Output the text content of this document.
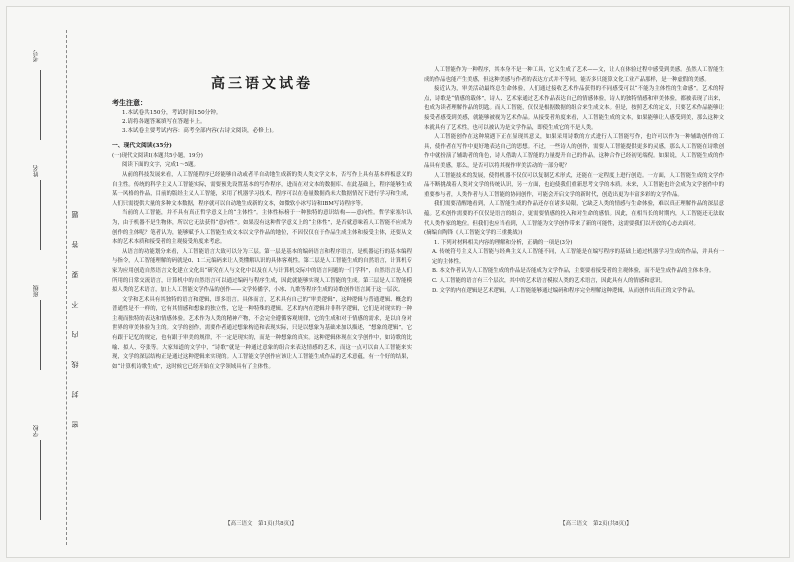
考号
姓名
班级
学校
题
答
要
不
内
线
封
密
高三语文试卷
考生注意：
1.本试卷共150分，考试时间150分钟。
2.请将各题答案填写在答题卡上。
3.本试卷主要考试内容：高考全部内容(古诗文阅读，必修上)。

一、现代文阅读(35分)

(一)现代文阅读Ⅰ(本题共5小题，19分)

阅读下面的文字，完成1～5题。

从前的科技发展来看，人工智能程序已经能够自动或者半自动地生成新的类人类文学文本，否写作上具有基本样板意义的自主性。传统的科学主义人工智能实际，需要预先设置基本的写作程序，进而在对文本的数据库、在此基础上，程序能够生成某一风格的作品，目前的版经主义人工智能，采用了机器学习技术，程序可以在卷量数据尚未大数据情况下进行学习和生成，人们只需提供大量的多种文本数据，程序就可以自动地生成新的文本，如微软小冰写诗和IBM写诗程序等。

当前的人工智能，并不具有真正哲学意义上的“主体性”。主体性标榜于一种独特的意识结构——意向性。哲学家塞尔认为，由于机器不是生物体，所以它无法获得“意向性”。如果沒有这种哲学意义上的“主体性”，是否就意味着人工智能不应成为创作的主体呢？笔者认为，能够赋予人工智能生成文本以文学作品的地位，不因仅仅在于作品生成主体和接受主体，还要从文本的艺术本质和接受者的主观接受角度来考虑。

从语言的功能划分来看，人工智能语言大致可以分为三层。第一层是基本的编码语言和程序语言，是机器运行的基本编程与指令，人工智能理解的码就是0、1二元编码来让人类懂解认识的具体客观性。第二层是人工智能生成的自然语言，计算机专家为应用创造自然语言文化建立文化出“研究在人与文化中以及在人与计算机交际中的语言问题的一门学科”，自然语言是人们所用的日常交流语言，计算机中的自然语言可以通过编码与程序生成，因此就能够实现人工智能的生成。第三层是人工智能模拟人类的艺术语言，加上人工智能文学作品的创作——文学传播学，小冰、九歌等程序生成的诗歌创作语言属于这一层次。

文学和艺术具有其独特的语言和逻辑，即多语言。具体而言，艺术具有自己的“审美逻辑”，这种逻辑与普通逻辑、概念的普通性是不一样的，它有其情感和想象的独立性，它是一种特殊的逻辑。艺术的内在逻辑并非科学逻辑，它们是对现实的一种主观而独特的表达和情感体验。艺术作为人类的精神产物，不会完全遵循客观规律，它的生成和对于情感的需求，是以自身对世界的审美体验为主的。文学的创作，需要作者通过想象构造和表现实际，只是以想象为基础来加以描述，“想象的逻辑”，它有跟于记忆的规定，也有跟于审美的规律，不一定是现实的，而是一种想象的真实。这种逻辑体现在文学创作中，如诗歌的比喻、拟人、夸张等。大家知道的文学中，“诗歌”就是一种通过意象的组合来表达情感的艺术，而这一点可以由人工智能来实现，文学的深层结构正是通过这种逻辑来实现的。人工智能文学创作应该让人工智能生成作品的艺术意蕴，有一个好的结果，如“计算机诗歌生成”，这时候它已经开始在文学领域具有了主体性。

人工智能作为一种程序，其本身不是一种工具，它又生成了艺术——文，让人在体验过程中感受到美感。虽然人工智能生成的作品也能产生美感，但这种美感与作者的表达方式并不等同，能否多只能算文化工业产品那样，是一种虚假的美感。

接近认为，审美活动最终总生命体验，人们通过接收艺术作品获得的不同感受可以“不能为主体性的生命感”。艺术的特点，诗歌是“情感的载体”，诗人、艺术家通过艺术作品表达自己的情感体验，诗人的独特情感和审美体验，都被表现了出来，也成为读者理解作品的钥匙。而人工智能，仅仅是根据数据的组合来生成文本。但是，按照艺术的定义，只要艺术作品能够让接受者感受到美感，就能够被视为艺术作品。从接受者角度来看，人工智能生成的文本，如果能够让人感受到美，那么这种文本就具有了艺术性，也可以被认为是文学作品，即使生成它的不是人类。

人工智能创作在这种境遇下正在显现其意义，如果采用诗歌的方式进行人工智能写作，也许可以作为一种辅助创作的工具，使作者在写作中更好地表达自己的思想。不过，一些诗人的创作，需要人工智能提供更多的灵感，那么人工智能在诗歌创作中就扮演了辅助者的角色，诗人借助人工智能的力量提升自己的作品，这种合作已经初见端倪。如果说，人工智能生成的作品具有美感，那么，是否可以将其视作审美活动的一部分呢？

人工智能技术的发展，使得机器不仅仅可以复制艺术形式，还能在一定程度上进行创造。一方面，人工智能生成的文学作品不断挑战着人类对文学的传统认识，另一方面，也迫使我们重新思考文学的本质。未来，人工智能也许会成为文学创作中的重要参与者，人类作者与人工智能的协同创作，可能会开启文学的新时代，创造出更为丰富多彩的文学作品。

我们需要清醒地看到，人工智能生成的作品还存在诸多局限，它缺乏人类的情感与生命体验，难以真正理解作品的深层意蕴。艺术创作需要的不仅仅是语言的组合，更需要情感的投入和对生命的感悟。因此，在相当长的时期内，人工智能还无法取代人类作家的地位。但我们也应当看到，人工智能为文学创作带来了新的可能性，这需要我们以开放的心态去面对。

(摘编自陶锋《人工智能文学的三重挑战》)

1. 下列对材料相关内容的理解和分析，正确的一项是(3分)

A. 传统符号主义人工智能与经典主义人工智能不同，人工智能是在编写程序的基础上通过机器学习生成的作品，并具有一定的主体性。

B. 本文作者认为人工智能生成的作品是否能成为文学作品，主要要看接受者的主观体验，而不是生成作品的主体本身。

C. 人工智能的语言有三个层次，其中的艺术语言模拟人类的艺术语言，因此具有人的情感和意识。

D. 文学的内在逻辑是艺术逻辑，人工智能能够通过编码和程序完全理解这种逻辑，从而创作出真正的文学作品。

【高三语文　第1页(共8页)】	【高三语文　第2页(共8页)】
